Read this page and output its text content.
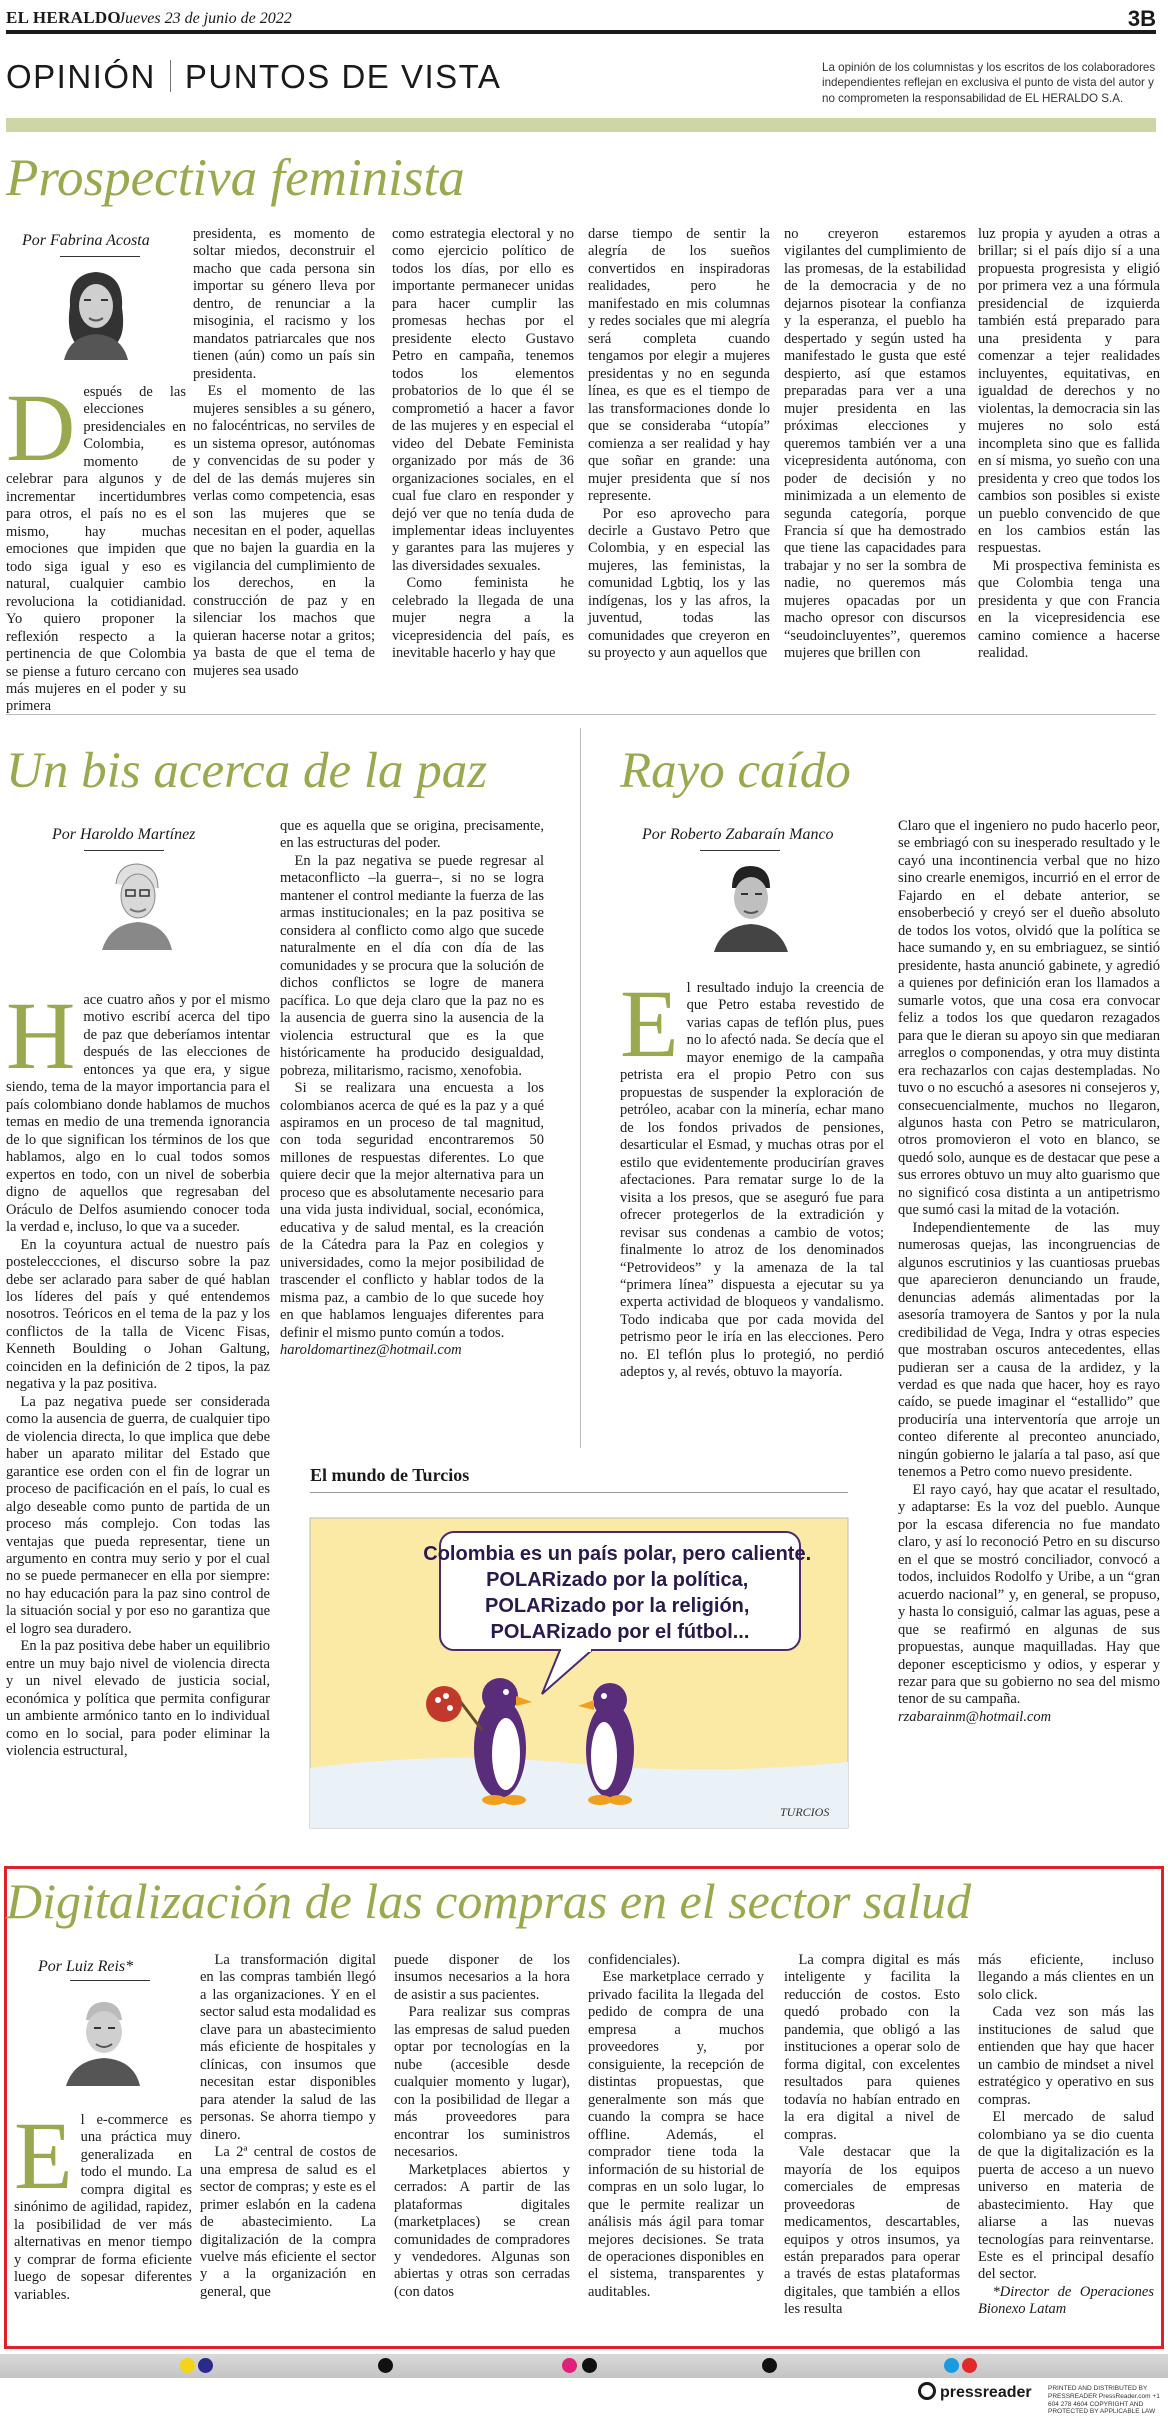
EL HERALDO
Jueves 23 de junio de 2022	3B
OPINIÓN PUNTOS DE VISTA	La opinión de los columnistas y los escritos de los colaboradores independientes reflejan en exclusiva el punto de vista del autor y no comprometen la responsabilidad de EL HERALDO S.A.
Prospectiva feminista
Por Fabrina Acosta
D espués de las elecciones presidenciales en Colombia, es momento de celebrar para algunos y de incrementar incertidumbres para otros, el país no es el mismo, hay muchas emociones que impiden que todo siga igual y eso es natural, cualquier cambio revoluciona la cotidianidad. Yo quiero proponer la reflexión respecto a la pertinencia de que Colombia se piense a futuro cercano con más mujeres en el poder y su primera

presidenta, es momento de soltar miedos, deconstruir el macho que cada persona sin importar su género lleva por dentro, de renunciar a la misoginia, el racismo y los mandatos patriarcales que nos tienen (aún) como un país sin presidenta.

Es el momento de las mujeres sensibles a su género, no falocéntricas, no serviles de un sistema opresor, autónomas y convencidas de su poder y del de las demás mujeres sin verlas como competencia, esas son las mujeres que se necesitan en el poder, aquellas que no bajen la guardia en la vigilancia del cumplimiento de los derechos, en la construcción de paz y en silenciar los machos que quieran hacerse notar a gritos; ya basta de que el tema de mujeres sea usado

como estrategia electoral y no como ejercicio político de todos los días, por ello es importante permanecer unidas para hacer cumplir las promesas hechas por el presidente electo Gustavo Petro en campaña, tenemos todos los elementos probatorios de lo que él se comprometió a hacer a favor de las mujeres y en especial el video del Debate Feminista organizado por más de 36 organizaciones sociales, en el cual fue claro en responder y dejó ver que no tenía duda de implementar ideas incluyentes y garantes para las mujeres y las diversidades sexuales.

Como feminista he celebrado la llegada de una mujer negra a la vicepresidencia del país, es inevitable hacerlo y hay que

darse tiempo de sentir la alegría de los sueños convertidos en inspiradoras realidades, pero he manifestado en mis columnas y redes sociales que mi alegría será completa cuando tengamos por elegir a mujeres presidentas y no en segunda línea, es que es el tiempo de las transformaciones donde lo que se consideraba “utopía” comienza a ser realidad y hay que soñar en grande: una mujer presidenta que sí nos represente.

Por eso aprovecho para decirle a Gustavo Petro que Colombia, y en especial las mujeres, las feministas, la comunidad Lgbtiq, los y las indígenas, los y las afros, la juventud, todas las comunidades que creyeron en su proyecto y aun aquellos que

no creyeron estaremos vigilantes del cumplimiento de las promesas, de la estabilidad de la democracia y de no dejarnos pisotear la confianza y la esperanza, el pueblo ha despertado y según usted ha manifestado le gusta que esté despierto, así que estamos preparadas para ver a una mujer presidenta en las próximas elecciones y queremos también ver a una vicepresidenta autónoma, con poder de decisión y no minimizada a un elemento de segunda categoría, porque Francia sí que ha demostrado que tiene las capacidades para trabajar y no ser la sombra de nadie, no queremos más mujeres opacadas por un macho opresor con discursos “seudoincluyentes”, queremos mujeres que brillen con

luz propia y ayuden a otras a brillar; si el país dijo sí a una propuesta progresista y eligió por primera vez a una fórmula presidencial de izquierda también está preparado para una presidenta y para comenzar a tejer realidades incluyentes, equitativas, en igualdad de derechos y no violentas, la democracia sin las mujeres no solo está incompleta sino que es fallida en sí misma, yo sueño con una presidenta y creo que todos los cambios son posibles si existe un pueblo convencido de que en los cambios están las respuestas.

Mi prospectiva feminista es que Colombia tenga una presidenta y que con Francia en la vicepresidencia ese camino comience a hacerse realidad.

Un bis acerca de la paz
Por Haroldo Martínez
H ace cuatro años y por el mismo motivo escribí acerca del tipo de paz que deberíamos intentar después de las elecciones de entonces ya que era, y sigue siendo, tema de la mayor importancia para el país colombiano donde hablamos de muchos temas en medio de una tremenda ignorancia de lo que significan los términos de los que hablamos, algo en lo cual todos somos expertos en todo, con un nivel de soberbia digno de aquellos que regresaban del Oráculo de Delfos asumiendo conocer toda la verdad e, incluso, lo que va a suceder.

En la coyuntura actual de nuestro país posteleccciones, el discurso sobre la paz debe ser aclarado para saber de qué hablan los líderes del país y qué entendemos nosotros. Teóricos en el tema de la paz y los conflictos de la talla de Vicenc Fisas, Kenneth Boulding o Johan Galtung, coinciden en la definición de 2 tipos, la paz negativa y la paz positiva.

La paz negativa puede ser considerada como la ausencia de guerra, de cualquier tipo de violencia directa, lo que implica que debe haber un aparato militar del Estado que garantice ese orden con el fin de lograr un proceso de pacificación en el país, lo cual es algo deseable como punto de partida de un proceso más complejo. Con todas las ventajas que pueda representar, tiene un argumento en contra muy serio y por el cual no se puede permanecer en ella por siempre: no hay educación para la paz sino control de la situación social y por eso no garantiza que el logro sea duradero.

En la paz positiva debe haber un equilibrio entre un muy bajo nivel de violencia directa y un nivel elevado de justicia social, económica y política que permita configurar un ambiente armónico tanto en lo individual como en lo social, para poder eliminar la violencia estructural,

que es aquella que se origina, precisamente, en las estructuras del poder.

En la paz negativa se puede regresar al metaconflicto –la guerra–, si no se logra mantener el control mediante la fuerza de las armas institucionales; en la paz positiva se considera al conflicto como algo que sucede naturalmente en el día con día de las comunidades y se procura que la solución de dichos conflictos se logre de manera pacífica. Lo que deja claro que la paz no es la ausencia de guerra sino la ausencia de la violencia estructural que es la que históricamente ha producido desigualdad, pobreza, militarismo, racismo, xenofobia.

Si se realizara una encuesta a los colombianos acerca de qué es la paz y a qué aspiramos en un proceso de tal magnitud, con toda seguridad encontraremos 50 millones de respuestas diferentes. Lo que quiere decir que la mejor alternativa para un proceso que es absolutamente necesario para una vida justa individual, social, económica, educativa y de salud mental, es la creación de la Cátedra para la Paz en colegios y universidades, como la mejor posibilidad de trascender el conflicto y hablar todos de la misma paz, a cambio de lo que sucede hoy en que hablamos lenguajes diferentes para definir el mismo punto común a todos.

haroldomartinez@hotmail.com

Rayo caído
Por Roberto Zabaraín Manco
E l resultado indujo la creencia de que Petro estaba revestido de varias capas de teflón plus, pues no lo afectó nada. Se decía que el mayor enemigo de la campaña petrista era el propio Petro con sus propuestas de suspender la exploración de petróleo, acabar con la minería, echar mano de los fondos privados de pensiones, desarticular el Esmad, y muchas otras por el estilo que evidentemente producirían graves afectaciones. Para rematar surge lo de la visita a los presos, que se aseguró fue para ofrecer protegerlos de la extradición y revisar sus condenas a cambio de votos; finalmente lo atroz de los denominados “Petrovideos” y la amenaza de la tal “primera línea” dispuesta a ejecutar su ya experta actividad de bloqueos y vandalismo. Todo indicaba que por cada movida del petrismo peor le iría en las elecciones. Pero no. El teflón plus lo protegió, no perdió adeptos y, al revés, obtuvo la mayoría.

Claro que el ingeniero no pudo hacerlo peor, se embriagó con su inesperado resultado y le cayó una incontinencia verbal que no hizo sino crearle enemigos, incurrió en el error de Fajardo en el debate anterior, se ensoberbeció y creyó ser el dueño absoluto de todos los votos, olvidó que la política se hace sumando y, en su embriaguez, se sintió presidente, hasta anunció gabinete, y agredió a quienes por definición eran los llamados a sumarle votos, que una cosa era convocar feliz a todos los que quedaron rezagados para que le dieran su apoyo sin que mediaran arreglos o componendas, y otra muy distinta era rechazarlos con cajas destempladas. No tuvo o no escuchó a asesores ni consejeros y, consecuencialmente, muchos no llegaron, algunos hasta con Petro se matricularon, otros promovieron el voto en blanco, se quedó solo, aunque es de destacar que pese a sus errores obtuvo un muy alto guarismo que no significó cosa distinta a un antipetrismo que sumó casi la mitad de la votación.

Independientemente de las muy numerosas quejas, las incongruencias de algunos escrutinios y las cuantiosas pruebas que aparecieron denunciando un fraude, denuncias además alimentadas por la asesoría tramoyera de Santos y por la nula credibilidad de Vega, Indra y otras especies que mostraban oscuros antecedentes, ellas pudieran ser a causa de la ardidez, y la verdad es que nada que hacer, hoy es rayo caído, se puede imaginar el “estallido” que produciría una interventoría que arroje un conteo diferente al preconteo anunciado, ningún gobierno le jalaría a tal paso, así que tenemos a Petro como nuevo presidente.

El rayo cayó, hay que acatar el resultado, y adaptarse: Es la voz del pueblo. Aunque por la escasa diferencia no fue mandato claro, y así lo reconoció Petro en su discurso en el que se mostró conciliador, convocó a todos, incluidos Rodolfo y Uribe, a un “gran acuerdo nacional” y, en general, se propuso, y hasta lo consiguió, calmar las aguas, pese a que se reafirmó en algunas de sus propuestas, aunque maquilladas. Hay que deponer escepticismo y odios, y esperar y rezar para que su gobierno no sea del mismo tenor de su campaña.

rzabarainm@hotmail.com

El mundo de Turcios
Colombia es un país polar, pero caliente. POLARizado por la política, POLARizado por la religión, POLARizado por el fútbol...
TURCIOS
Digitalización de las compras en el sector salud
Por Luiz Reis*
E l e-commerce es una práctica muy generalizada en todo el mundo. La compra digital es sinónimo de agilidad, rapidez, la posibilidad de ver más alternativas en menor tiempo y comprar de forma eficiente luego de sopesar diferentes variables.

La transformación digital en las compras también llegó a las organizaciones. Y en el sector salud esta modalidad es clave para un abastecimiento más eficiente de hospitales y clínicas, con insumos que necesitan estar disponibles para atender la salud de las personas. Se ahorra tiempo y dinero.

La 2ª central de costos de una empresa de salud es el sector de compras; y este es el primer eslabón en la cadena de abastecimiento. La digitalización de la compra vuelve más eficiente el sector y a la organización en general, que

puede disponer de los insumos necesarios a la hora de asistir a sus pacientes.

Para realizar sus compras las empresas de salud pueden optar por tecnologías en la nube (accesible desde cualquier momento y lugar), con la posibilidad de llegar a más proveedores para encontrar los suministros necesarios.

Marketplaces abiertos y cerrados: A partir de las plataformas digitales (marketplaces) se crean comunidades de compradores y vendedores. Algunas son abiertas y otras son cerradas (con datos

confidenciales).

Ese marketplace cerrado y privado facilita la llegada del pedido de compra de una empresa a muchos proveedores y, por consiguiente, la recepción de distintas propuestas, que generalmente son más que cuando la compra se hace offline. Además, el comprador tiene toda la información de su historial de compras en un solo lugar, lo que le permite realizar un análisis más ágil para tomar mejores decisiones. Se trata de operaciones disponibles en el sistema, transparentes y auditables.

La compra digital es más inteligente y facilita la reducción de costos. Esto quedó probado con la pandemia, que obligó a las instituciones a operar solo de forma digital, con excelentes resultados para quienes todavía no habían entrado en la era digital a nivel de compras.

Vale destacar que la mayoría de los equipos comerciales de empresas proveedoras de medicamentos, descartables, equipos y otros insumos, ya están preparados para operar a través de estas plataformas digitales, que también a ellos les resulta

más eficiente, incluso llegando a más clientes en un solo click.

Cada vez son más las instituciones de salud que entienden que hay que hacer un cambio de mindset a nivel estratégico y operativo en sus compras.

El mercado de salud colombiano ya se dio cuenta de que la digitalización es la puerta de acceso a un nuevo universo en materia de abastecimiento. Hay que aliarse a las nuevas tecnologías para reinventarse. Este es el principal desafío del sector.

*Director de Operaciones Bionexo Latam

pressreader	PRINTED AND DISTRIBUTED BY PRESSREADER PressReader.com +1 604 278 4604 COPYRIGHT AND PROTECTED BY APPLICABLE LAW
